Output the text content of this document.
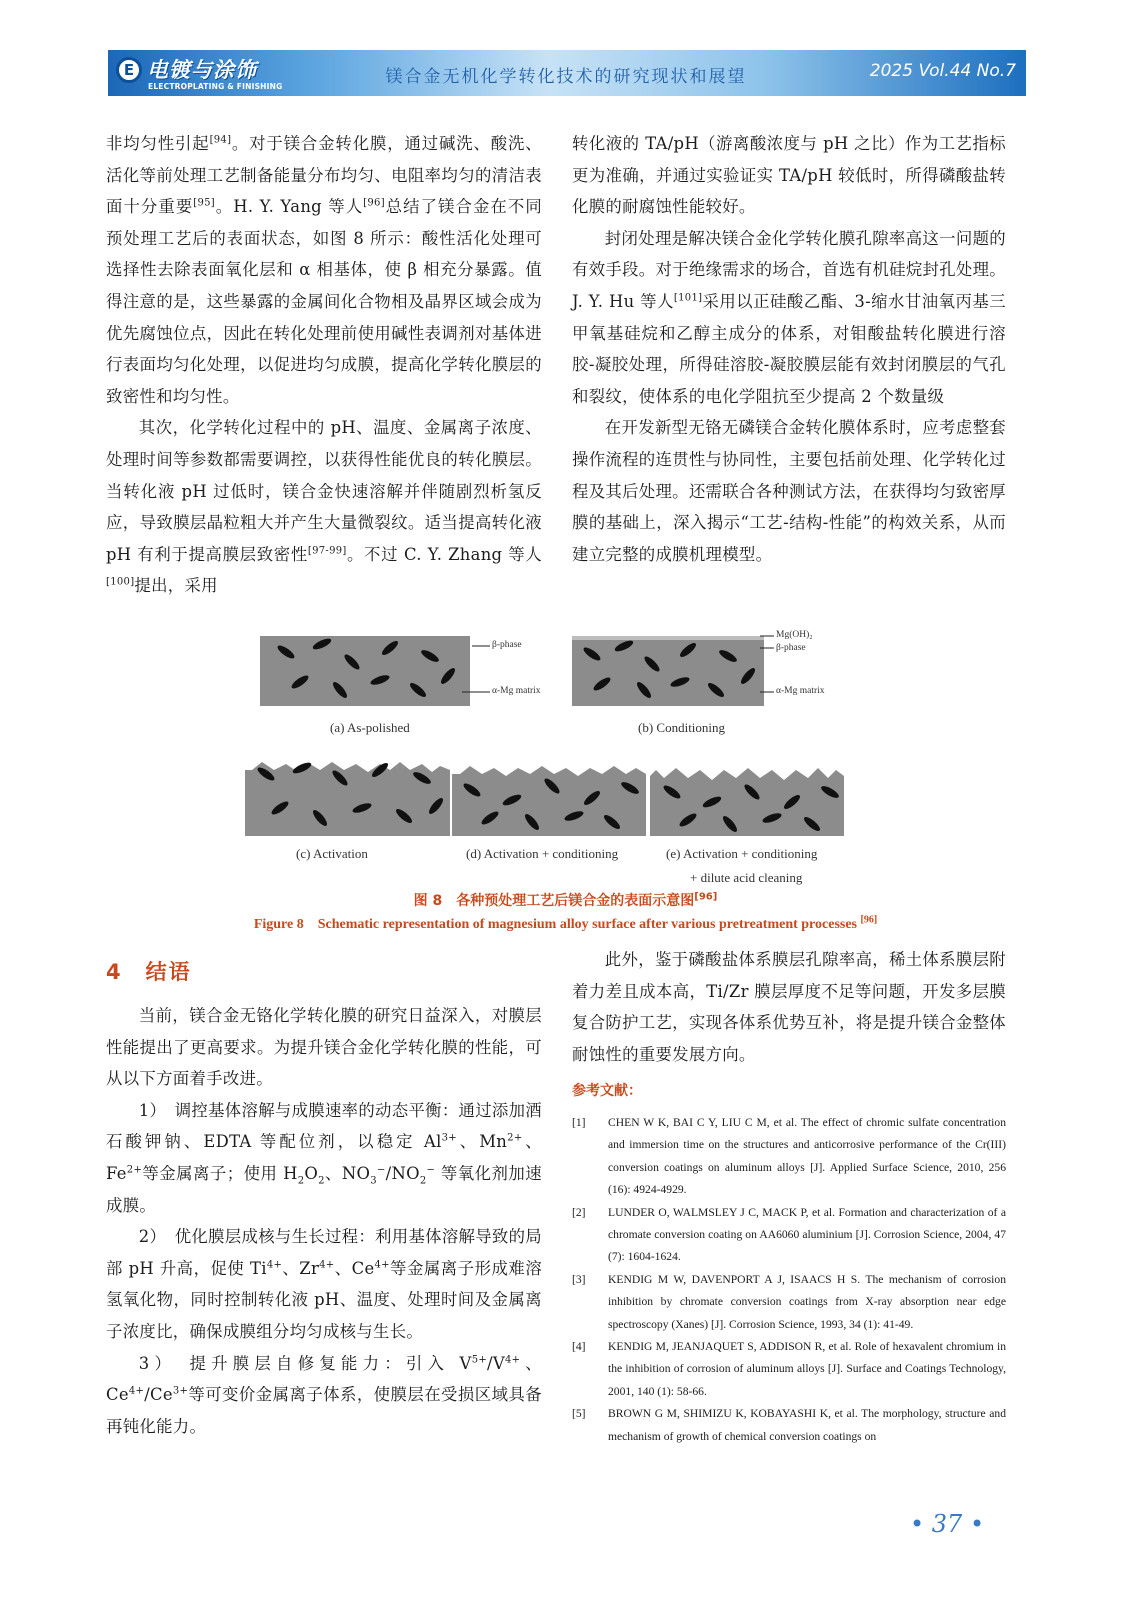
E 电镀与涂饰
ELECTROPLATING & FINISHING	镁合金无机化学转化技术的研究现状和展望	2025 Vol.44 No.7

非均匀性引起[94]。对于镁合金转化膜，通过碱洗、酸洗、活化等前处理工艺制备能量分布均匀、电阻率均匀的清洁表面十分重要[95]。H. Y. Yang 等人[96]总结了镁合金在不同预处理工艺后的表面状态，如图 8 所示：酸性活化处理可选择性去除表面氧化层和 α 相基体，使 β 相充分暴露。值得注意的是，这些暴露的金属间化合物相及晶界区域会成为优先腐蚀位点，因此在转化处理前使用碱性表调剂对基体进行表面均匀化处理，以促进均匀成膜，提高化学转化膜层的致密性和均匀性。

其次，化学转化过程中的 pH、温度、金属离子浓度、处理时间等参数都需要调控，以获得性能优良的转化膜层。当转化液 pH 过低时，镁合金快速溶解并伴随剧烈析氢反应，导致膜层晶粒粗大并产生大量微裂纹。适当提高转化液 pH 有利于提高膜层致密性[97-99]。不过 C. Y. Zhang 等人[100]提出，采用

转化液的 TA/pH（游离酸浓度与 pH 之比）作为工艺指标更为准确，并通过实验证实 TA/pH 较低时，所得磷酸盐转化膜的耐腐蚀性能较好。

封闭处理是解决镁合金化学转化膜孔隙率高这一问题的有效手段。对于绝缘需求的场合，首选有机硅烷封孔处理。J. Y. Hu 等人[101]采用以正硅酸乙酯、3-缩水甘油氧丙基三甲氧基硅烷和乙醇主成分的体系，对钼酸盐转化膜进行溶胶-凝胶处理，所得硅溶胶-凝胶膜层能有效封闭膜层的气孔和裂纹，使体系的电化学阻抗至少提高 2 个数量级

在开发新型无铬无磷镁合金转化膜体系时，应考虑整套操作流程的连贯性与协同性，主要包括前处理、化学转化过程及其后处理。还需联合各种测试方法，在获得均匀致密厚膜的基础上，深入揭示“工艺-结构-性能”的构效关系，从而建立完整的成膜机理模型。

β-phase
α-Mg matrix
Mg(OH)₂
β-phase
α-Mg matrix
(a) As-polished	(b) Conditioning
(c) Activation	(d) Activation + conditioning	(e) Activation + conditioning
+ dilute acid cleaning
图 8　各种预处理工艺后镁合金的表面示意图[96]
Figure 8　Schematic representation of magnesium alloy surface after various pretreatment processes [96]
4　结语

当前，镁合金无铬化学转化膜的研究日益深入，对膜层性能提出了更高要求。为提升镁合金化学转化膜的性能，可从以下方面着手改进。

1）　调控基体溶解与成膜速率的动态平衡：通过添加酒石酸钾钠、EDTA 等配位剂，以稳定 $Al^{3+}$、$Mn^{2+}$、$Fe^{2+}$等金属离子；使用 $H_2O_2$、$NO_3^-/NO_2^-$ 等氧化剂加速成膜。

2）　优化膜层成核与生长过程：利用基体溶解导致的局部 pH 升高，促使 $Ti^{4+}$、$Zr^{4+}$、$Ce^{4+}$等金属离子形成难溶氢氧化物，同时控制转化液 pH、温度、处理时间及金属离子浓度比，确保成膜组分均匀成核与生长。

3）　提升膜层自修复能力：引入 $V^{5+}/V^{4+}$、$Ce^{4+}/Ce^{3+}$等可变价金属离子体系，使膜层在受损区域具备再钝化能力。

此外，鉴于磷酸盐体系膜层孔隙率高，稀土体系膜层附着力差且成本高，Ti/Zr 膜层厚度不足等问题，开发多层膜复合防护工艺，实现各体系优势互补，将是提升镁合金整体耐蚀性的重要发展方向。

参考文献：
[1]	CHEN W K, BAI C Y, LIU C M, et al. The effect of chromic sulfate concentration and immersion time on the structures and anticorrosive performance of the Cr(III) conversion coatings on aluminum alloys [J]. Applied Surface Science, 2010, 256 (16): 4924-4929.
[2]	LUNDER O, WALMSLEY J C, MACK P, et al. Formation and characterization of a chromate conversion coating on AA6060 aluminium [J]. Corrosion Science, 2004, 47 (7): 1604-1624.
[3]	KENDIG M W, DAVENPORT A J, ISAACS H S. The mechanism of corrosion inhibition by chromate conversion coatings from X-ray absorption near edge spectroscopy (Xanes) [J]. Corrosion Science, 1993, 34 (1): 41-49.
[4]	KENDIG M, JEANJAQUET S, ADDISON R, et al. Role of hexavalent chromium in the inhibition of corrosion of aluminum alloys [J]. Surface and Coatings Technology, 2001, 140 (1): 58-66.
[5]	BROWN G M, SHIMIZU K, KOBAYASHI K, et al. The morphology, structure and mechanism of growth of chemical conversion coatings on
• 37 •
